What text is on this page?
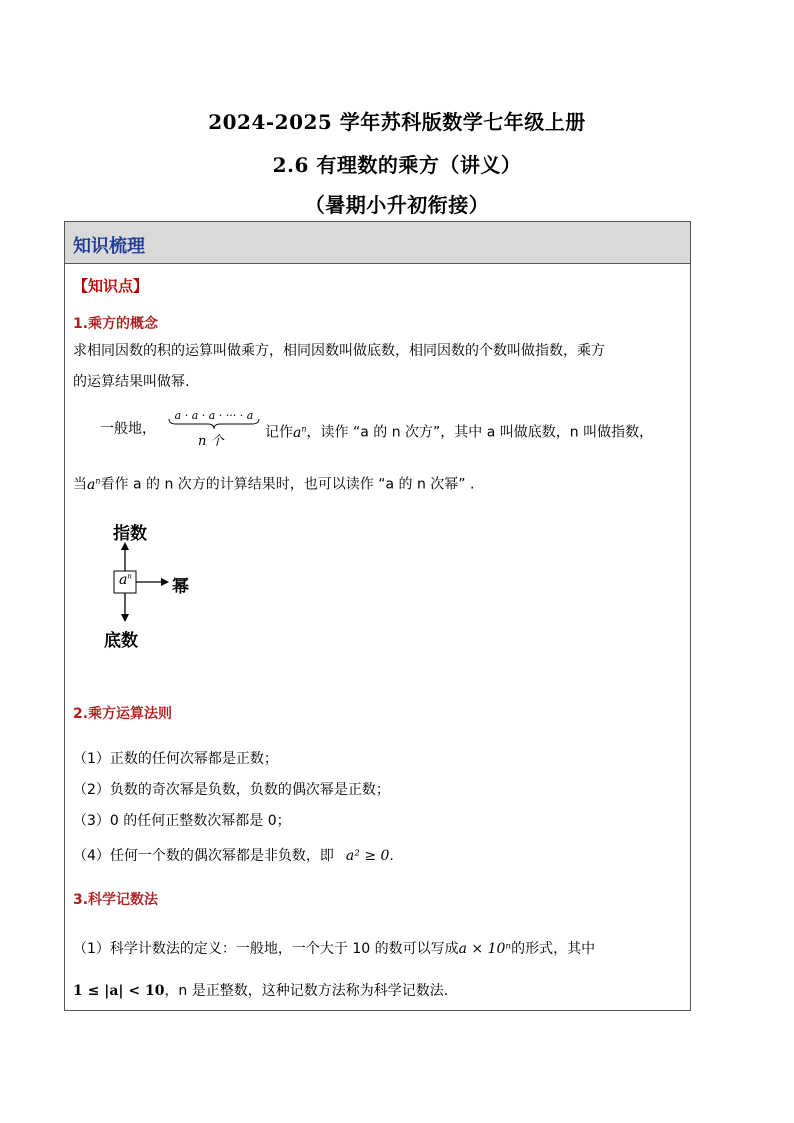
2024-2025 学年苏科版数学七年级上册
2.6 有理数的乘方（讲义）
（暑期小升初衔接）
知识梳理
【知识点】
1.乘方的概念
求相同因数的积的运算叫做乘方，相同因数叫做底数，相同因数的个数叫做指数，乘方
的运算结果叫做幂.
一般地，
a · a · a · ··· · a
n 个
记作$a^n$，读作 “a 的 n 次方”，其中 a 叫做底数，n 叫做指数，
当$a^n$看作 a 的 n 次方的计算结果时，也可以读作 “a 的 n 次幂” .
指数
幂
底数
$a^n$
2.乘方运算法则
（1）正数的任何次幂都是正数；
（2）负数的奇次幂是负数，负数的偶次幂是正数；
（3）0 的任何正整数次幂都是 0；
（4）任何一个数的偶次幂都是非负数，即 a² ≥ 0.
3.科学记数法
（1）科学计数法的定义：一般地，一个大于 10 的数可以写成a × 10ⁿ的形式，其中
1 ≤ |a| < 10，n 是正整数，这种记数方法称为科学记数法.
